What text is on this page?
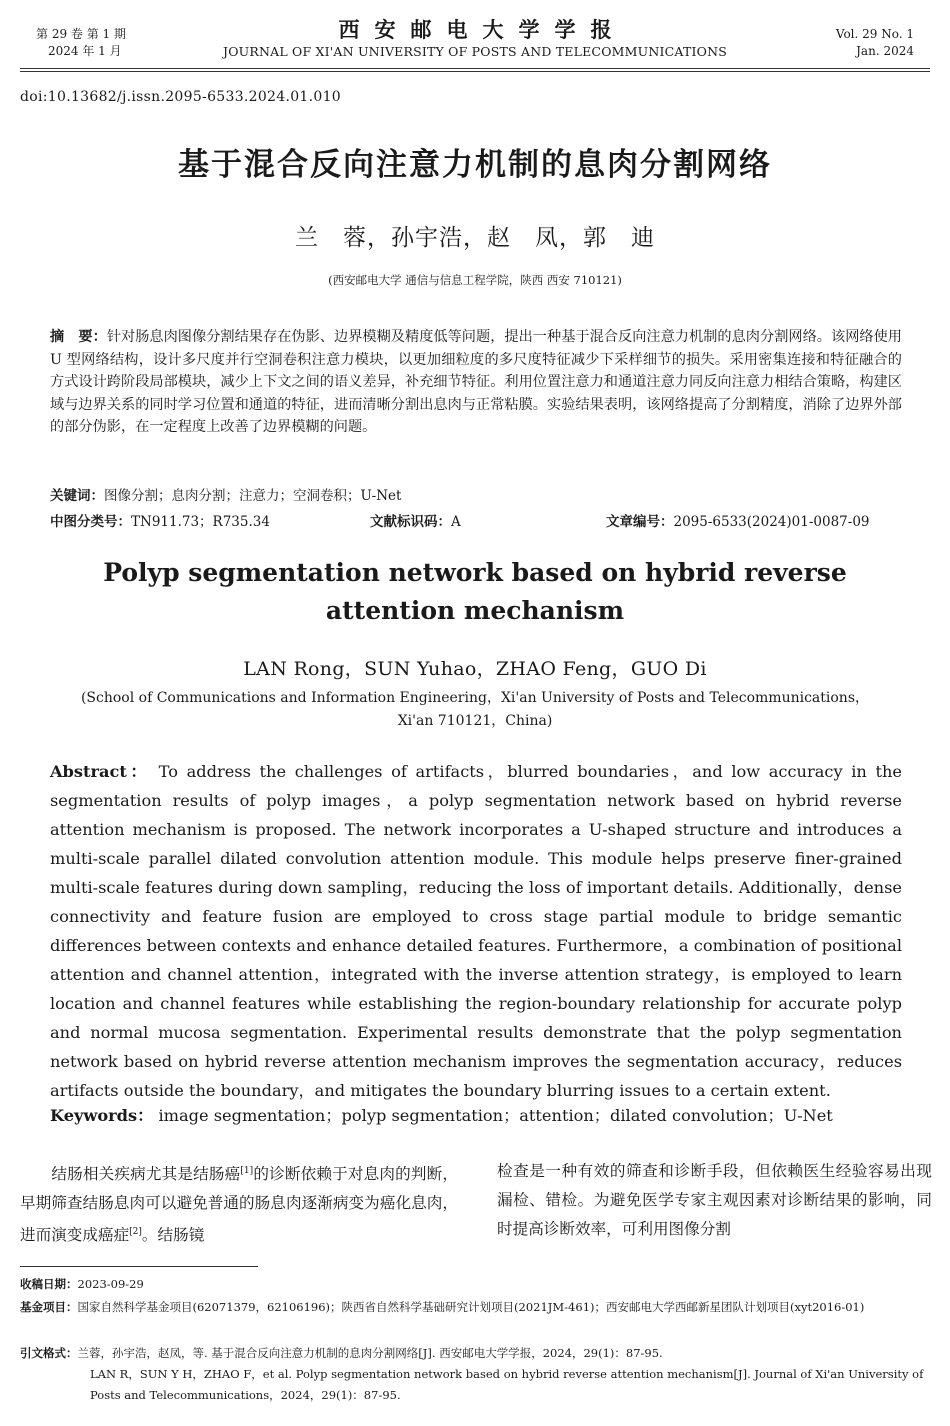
第 29 卷 第 1 期
2024 年 1 月
西安邮电大学学报
JOURNAL OF XI'AN UNIVERSITY OF POSTS AND TELECOMMUNICATIONS
Vol. 29 No. 1
Jan. 2024
doi:10.13682/j.issn.2095-6533.2024.01.010
基于混合反向注意力机制的息肉分割网络
兰　蓉，孙宇浩，赵　凤，郭　迪
(西安邮电大学 通信与信息工程学院，陕西 西安 710121)
摘　要：针对肠息肉图像分割结果存在伪影、边界模糊及精度低等问题，提出一种基于混合反向注意力机制的息肉分割网络。该网络使用 U 型网络结构，设计多尺度并行空洞卷积注意力模块，以更加细粒度的多尺度特征减少下采样细节的损失。采用密集连接和特征融合的方式设计跨阶段局部模块，减少上下文之间的语义差异，补充细节特征。利用位置注意力和通道注意力同反向注意力相结合策略，构建区域与边界关系的同时学习位置和通道的特征，进而清晰分割出息肉与正常粘膜。实验结果表明，该网络提高了分割精度，消除了边界外部的部分伪影，在一定程度上改善了边界模糊的问题。
关键词：图像分割；息肉分割；注意力；空洞卷积；U-Net
中图分类号：TN911.73；R735.34	文献标识码：A	文章编号：2095-6533(2024)01-0087-09
Polyp segmentation network based on hybrid reverse
attention mechanism
LAN Rong，SUN Yuhao，ZHAO Feng，GUO Di
(School of Communications and Information Engineering，Xi'an University of Posts and Telecommunications，
Xi'an 710121，China)
Abstract： To address the challenges of artifacts，blurred boundaries，and low accuracy in the segmentation results of polyp images，a polyp segmentation network based on hybrid reverse attention mechanism is proposed. The network incorporates a U-shaped structure and introduces a multi-scale parallel dilated convolution attention module. This module helps preserve finer-grained multi-scale features during down sampling，reducing the loss of important details. Additionally，dense connectivity and feature fusion are employed to cross stage partial module to bridge semantic differences between contexts and enhance detailed features. Furthermore，a combination of positional attention and channel attention，integrated with the inverse attention strategy，is employed to learn location and channel features while establishing the region-boundary relationship for accurate polyp and normal mucosa segmentation. Experimental results demonstrate that the polyp segmentation network based on hybrid reverse attention mechanism improves the segmentation accuracy，reduces artifacts outside the boundary，and mitigates the boundary blurring issues to a certain extent.
Keywords： image segmentation；polyp segmentation；attention；dilated convolution；U-Net
结肠相关疾病尤其是结肠癌[1]的诊断依赖于对息肉的判断，早期筛查结肠息肉可以避免普通的肠息肉逐渐病变为癌化息肉，进而演变成癌症[2]。结肠镜
检查是一种有效的筛查和诊断手段，但依赖医生经验容易出现漏检、错检。为避免医学专家主观因素对诊断结果的影响，同时提高诊断效率，可利用图像分割
收稿日期：2023-09-29
基金项目：国家自然科学基金项目(62071379，62106196)；陕西省自然科学基础研究计划项目(2021JM-461)；西安邮电大学西邮新星团队计划项目(xyt2016-01)
引文格式：兰蓉，孙宇浩，赵凤，等. 基于混合反向注意力机制的息肉分割网络[J]. 西安邮电大学学报，2024，29(1)：87-95.
LAN R，SUN Y H，ZHAO F，et al. Polyp segmentation network based on hybrid reverse attention mechanism[J]. Journal of Xi'an University of Posts and Telecommunications，2024，29(1)：87-95.
